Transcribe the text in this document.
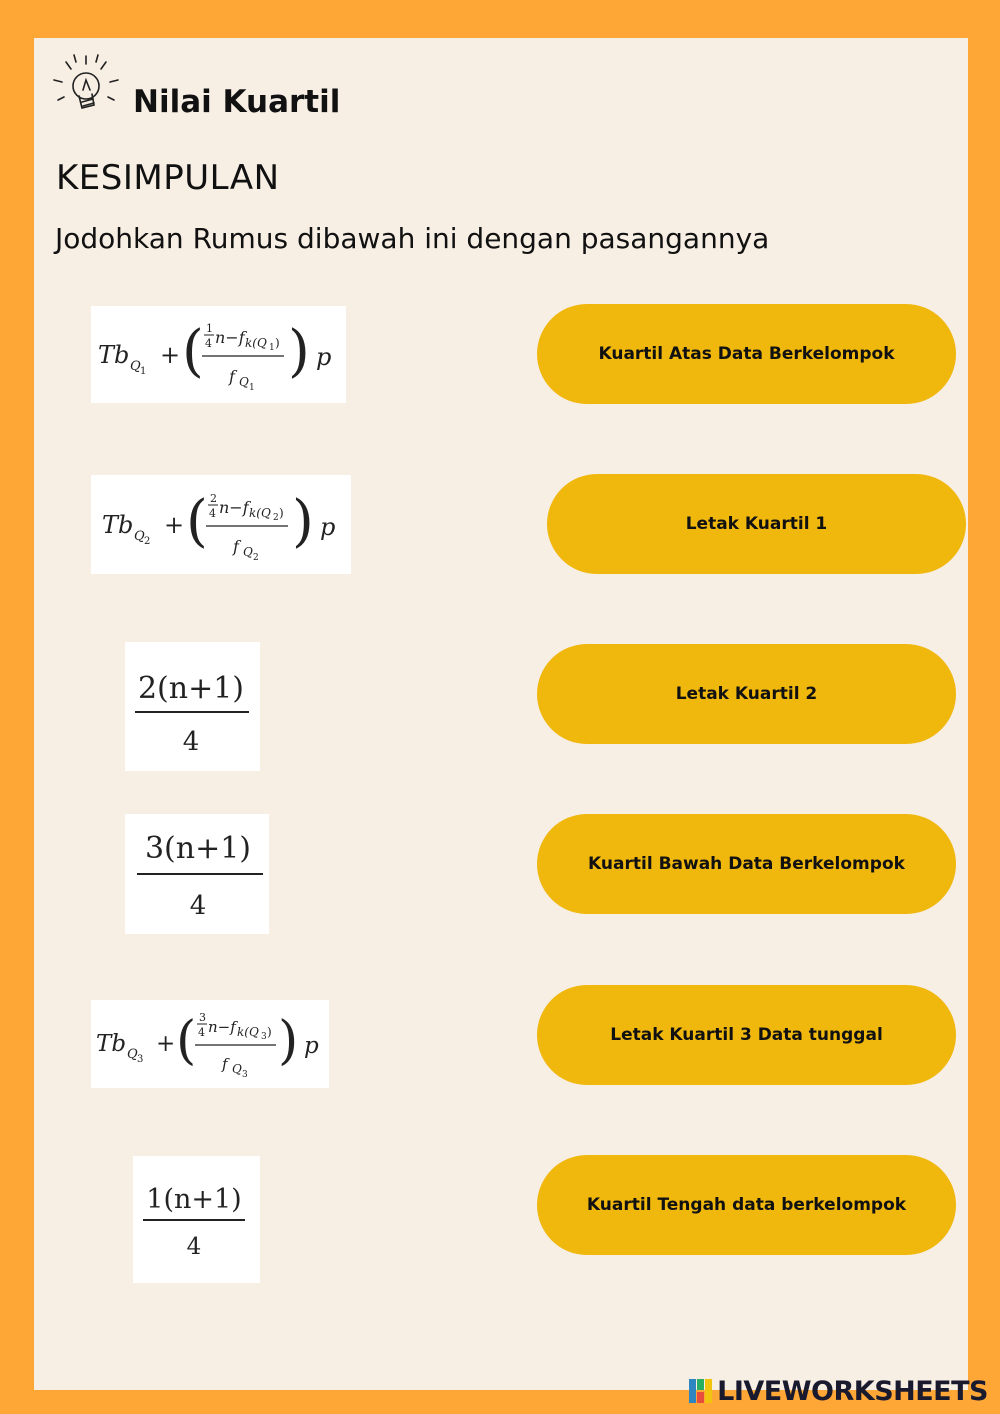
Nilai Kuartil
KESIMPULAN
Jodohkan Rumus dibawah ini dengan pasangannya
Tb Q 1
+ ( 1
4 n−f k(Q 1 )
f Q 1
) p
Tb Q 2
+ ( 2
4 n−f k(Q 2 )
f Q 2
) p
2(n+1)
4
3(n+1)
4
Tb Q 3
+ ( 3
4 n−f k(Q 3 )
f Q 3
) p
1(n+1)
4
Kuartil Atas Data Berkelompok
Letak Kuartil 1
Letak Kuartil 2
Kuartil Bawah Data Berkelompok
Letak Kuartil 3 Data tunggal
Kuartil Tengah data berkelompok
LIVEWORKSHEETS
